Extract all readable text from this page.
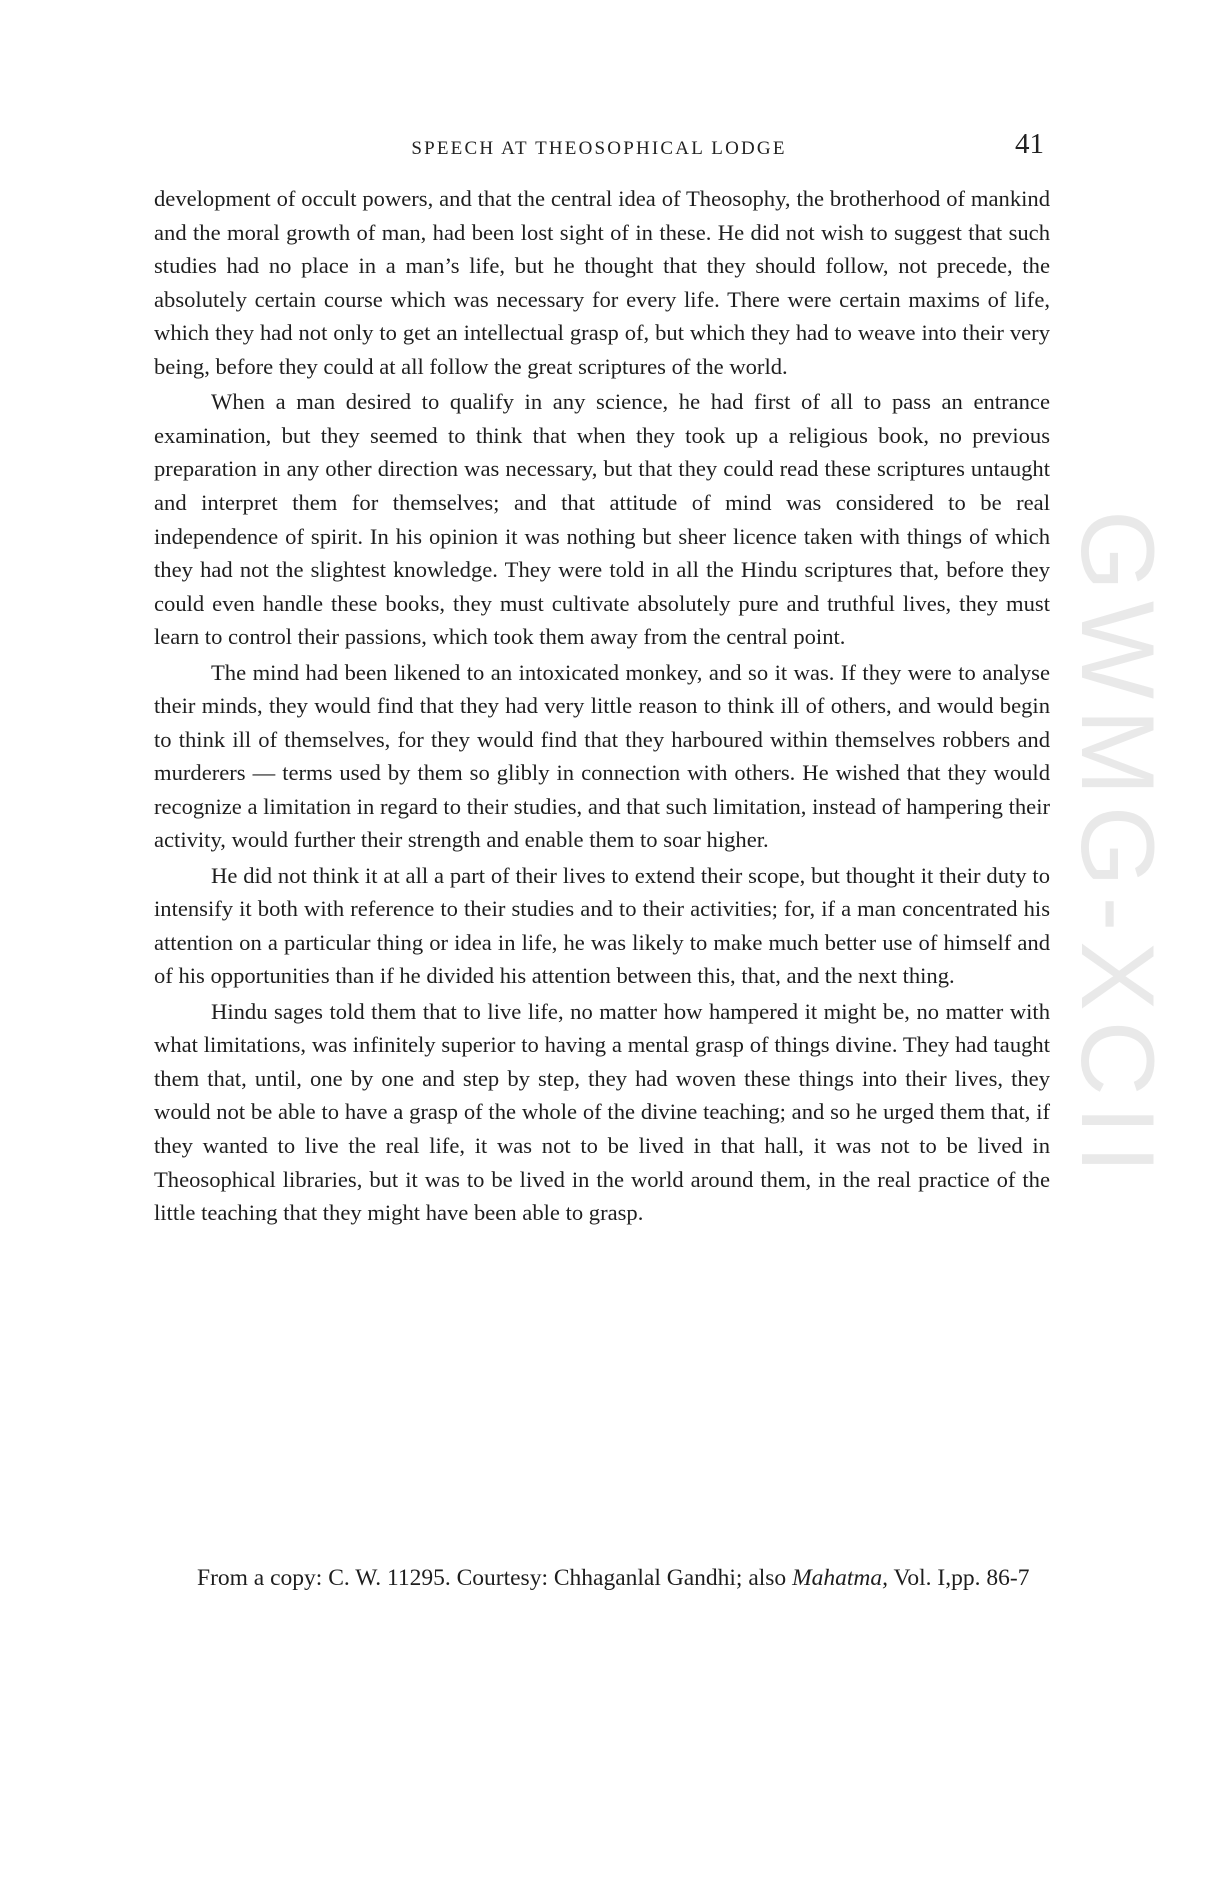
GWMG-XCII
SPEECH AT THEOSOPHICAL LODGE	41

development of occult powers, and that the central idea of Theosophy, the brotherhood of mankind and the moral growth of man, had been lost sight of in these. He did not wish to suggest that such studies had no place in a man’s life, but he thought that they should follow, not precede, the absolutely certain course which was necessary for every life. There were certain maxims of life, which they had not only to get an intellectual grasp of, but which they had to weave into their very being, before they could at all follow the great scriptures of the world.

When a man desired to qualify in any science, he had first of all to pass an entrance examination, but they seemed to think that when they took up a religious book, no previous preparation in any other direction was necessary, but that they could read these scriptures untaught and interpret them for themselves; and that attitude of mind was considered to be real independence of spirit. In his opinion it was nothing but sheer licence taken with things of which they had not the slightest knowledge. They were told in all the Hindu scriptures that, before they could even handle these books, they must cultivate absolutely pure and truthful lives, they must learn to control their passions, which took them away from the central point.

The mind had been likened to an intoxicated monkey, and so it was. If they were to analyse their minds, they would find that they had very little reason to think ill of others, and would begin to think ill of themselves, for they would find that they harboured within themselves robbers and murderers — terms used by them so glibly in connection with others. He wished that they would recognize a limitation in regard to their studies, and that such limitation, instead of hampering their activity, would further their strength and enable them to soar higher.

He did not think it at all a part of their lives to extend their scope, but thought it their duty to intensify it both with reference to their studies and to their activities; for, if a man concentrated his attention on a particular thing or idea in life, he was likely to make much better use of himself and of his opportunities than if he divided his attention between this, that, and the next thing.

Hindu sages told them that to live life, no matter how hampered it might be, no matter with what limitations, was infinitely superior to having a mental grasp of things divine. They had taught them that, until, one by one and step by step, they had woven these things into their lives, they would not be able to have a grasp of the whole of the divine teaching; and so he urged them that, if they wanted to live the real life, it was not to be lived in that hall, it was not to be lived in Theosophical libraries, but it was to be lived in the world around them, in the real practice of the little teaching that they might have been able to grasp.

From a copy: C. W. 11295. Courtesy: Chhaganlal Gandhi; also Mahatma, Vol. I,pp. 86-7
